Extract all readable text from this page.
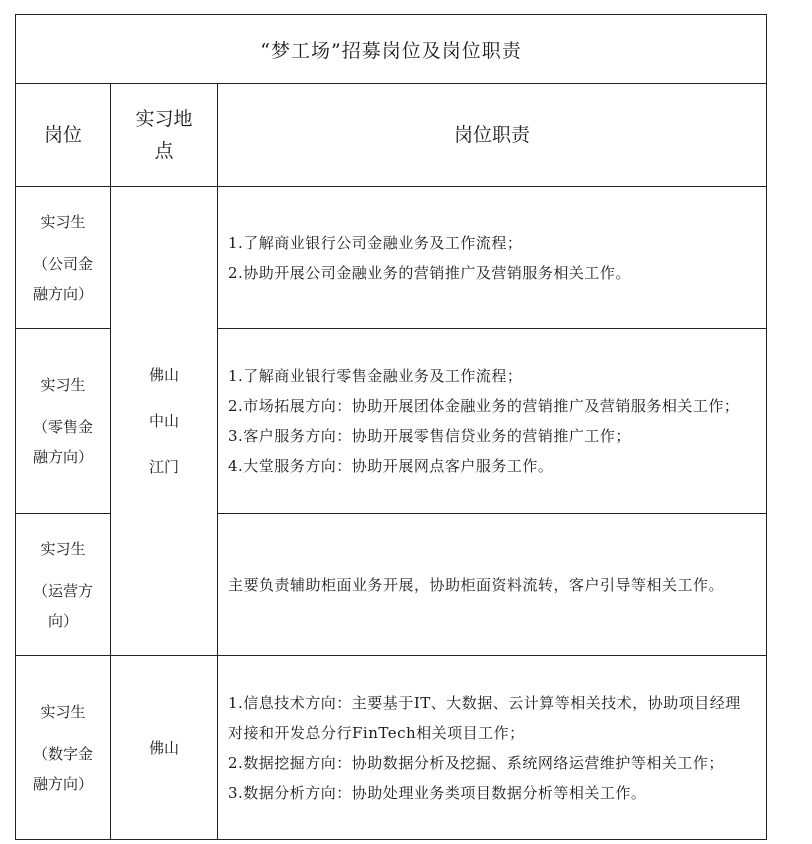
“梦工场”招募岗位及岗位职责		
岗位	实习地点	岗位职责
实习生
（公司金融方向）	佛山
中山
江门	1.了解商业银行公司金融业务及工作流程；
2.协助开展公司金融业务的营销推广及营销服务相关工作。

实习生
（零售金融方向）		1.了解商业银行零售金融业务及工作流程；
2.市场拓展方向：协助开展团体金融业务的营销推广及营销服务相关工作；
3.客户服务方向：协助开展零售信贷业务的营销推广工作；
4.大堂服务方向：协助开展网点客户服务工作。

实习生
（运营方向）		主要负责辅助柜面业务开展，协助柜面资料流转，客户引导等相关工作。

实习生
（数字金融方向）	佛山	1.信息技术方向：主要基于IT、大数据、云计算等相关技术，协助项目经理对接和开发总分行FinTech相关项目工作；
2.数据挖掘方向：协助数据分析及挖掘、系统网络运营维护等相关工作；
3.数据分析方向：协助处理业务类项目数据分析等相关工作。
